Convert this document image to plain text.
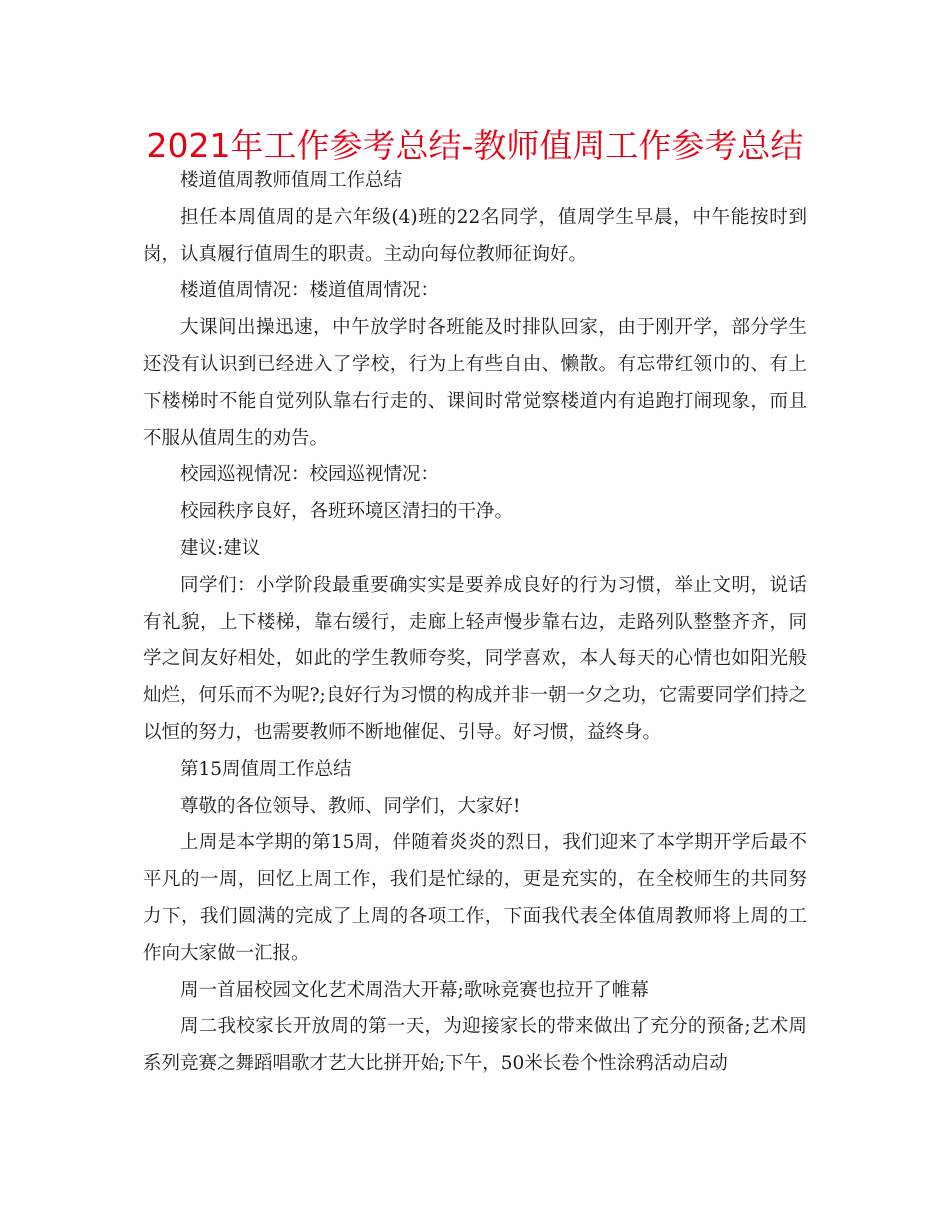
2021年工作参考总结-教师值周工作参考总结

楼道值周教师值周工作总结

担任本周值周的是六年级(4)班的22名同学，值周学生早晨，中午能按时到岗，认真履行值周生的职责。主动向每位教师征询好。

楼道值周情况：楼道值周情况：

大课间出操迅速，中午放学时各班能及时排队回家，由于刚开学，部分学生还没有认识到已经进入了学校，行为上有些自由、懒散。有忘带红领巾的、有上下楼梯时不能自觉列队靠右行走的、课间时常觉察楼道内有追跑打闹现象，而且不服从值周生的劝告。

校园巡视情况：校园巡视情况：

校园秩序良好，各班环境区清扫的干净。

建议:建议

同学们：小学阶段最重要确实实是要养成良好的行为习惯，举止文明，说话有礼貌，上下楼梯，靠右缓行，走廊上轻声慢步靠右边，走路列队整整齐齐，同学之间友好相处，如此的学生教师夸奖，同学喜欢，本人每天的心情也如阳光般灿烂，何乐而不为呢?;良好行为习惯的构成并非一朝一夕之功，它需要同学们持之以恒的努力，也需要教师不断地催促、引导。好习惯，益终身。

第15周值周工作总结

尊敬的各位领导、教师、同学们，大家好!

上周是本学期的第15周，伴随着炎炎的烈日，我们迎来了本学期开学后最不平凡的一周，回忆上周工作，我们是忙绿的，更是充实的，在全校师生的共同努力下，我们圆满的完成了上周的各项工作，下面我代表全体值周教师将上周的工作向大家做一汇报。

周一首届校园文化艺术周浩大开幕;歌咏竞赛也拉开了帷幕

周二我校家长开放周的第一天，为迎接家长的带来做出了充分的预备;艺术周系列竞赛之舞蹈唱歌才艺大比拼开始;下午，50米长卷个性涂鸦活动启动
